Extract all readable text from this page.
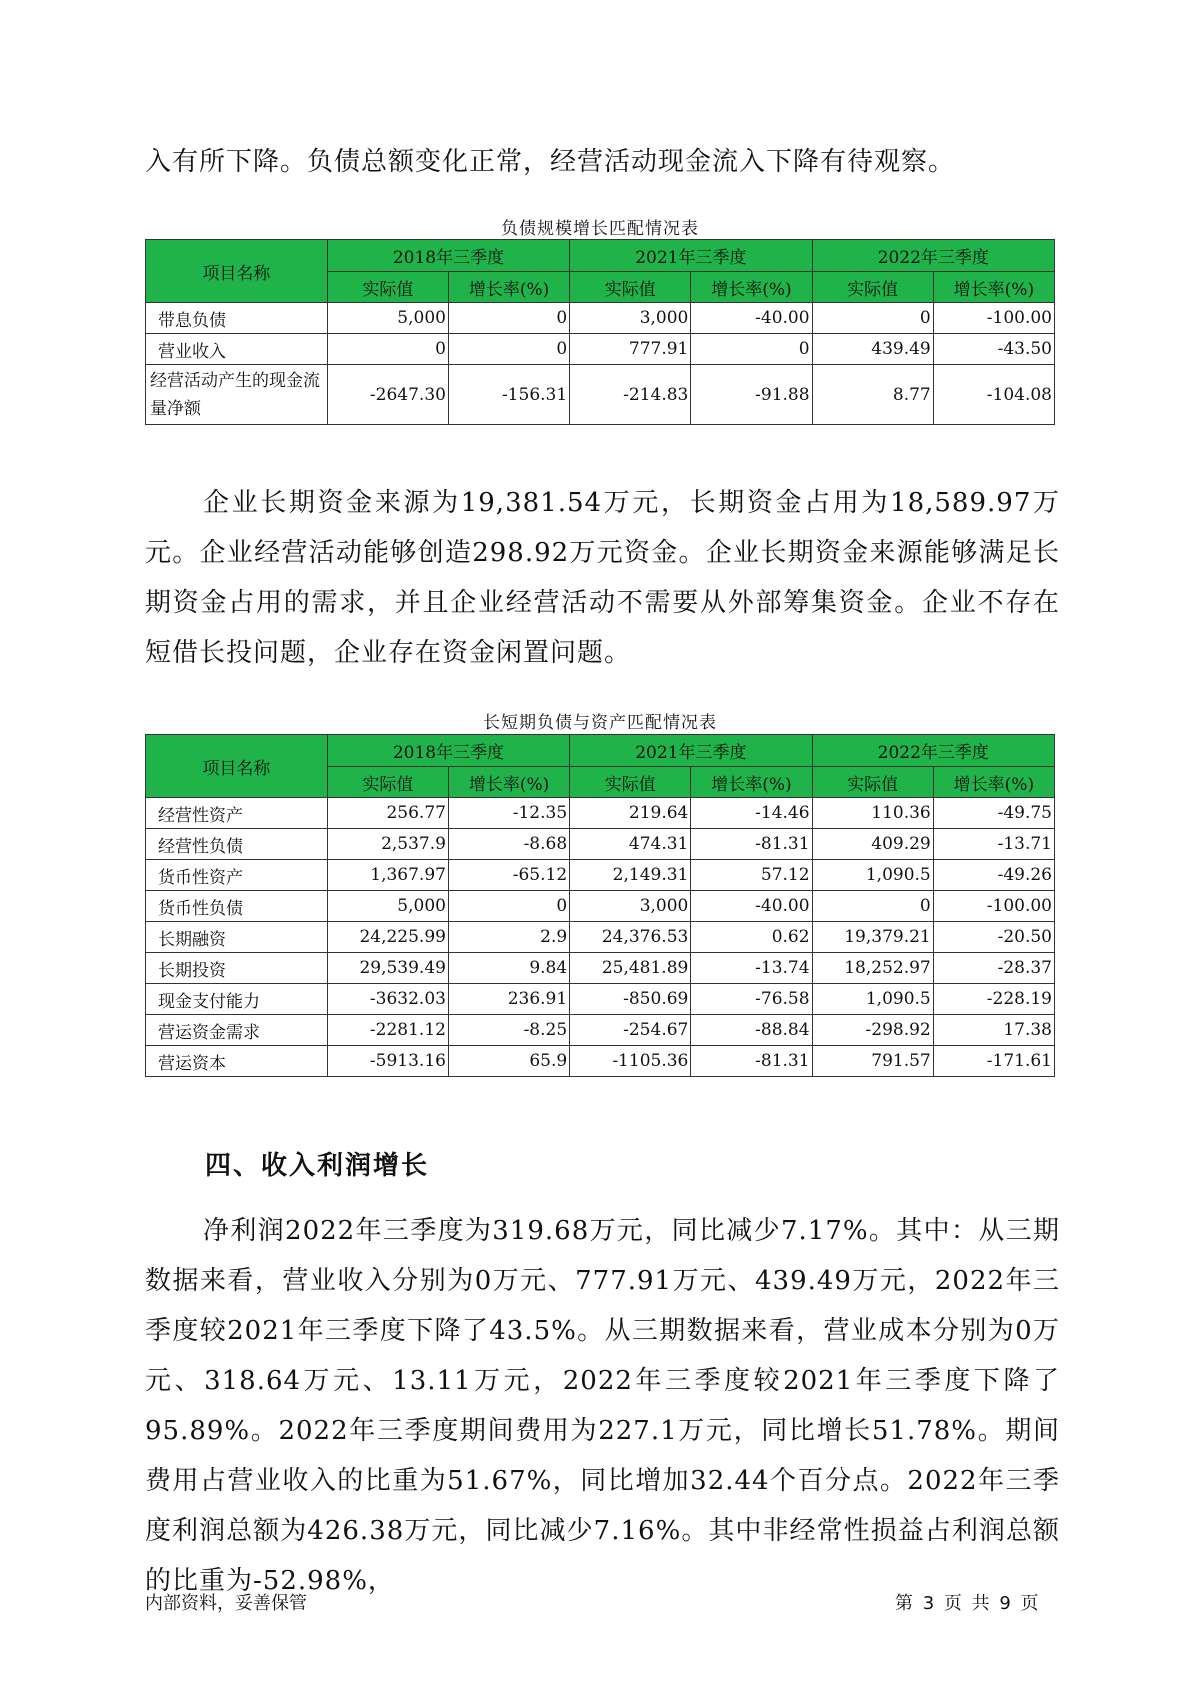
入有所下降。负债总额变化正常，经营活动现金流入下降有待观察。

负债规模增长匹配情况表
项目名称	2018年三季度		2021年三季度		2022年三季度	
	实际值	增长率(%)	实际值	增长率(%)	实际值	增长率(%)
带息负债	5,000	0	3,000	-40.00	0	-100.00
营业收入	0	0	777.91	0	439.49	-43.50
经营活动产生的现金流量净额	-2647.30	-156.31	-214.83	-91.88	8.77	-104.08

企业长期资金来源为19,381.54万元，长期资金占用为18,589.97万元。企业经营活动能够创造298.92万元资金。企业长期资金来源能够满足长期资金占用的需求，并且企业经营活动不需要从外部筹集资金。企业不存在短借长投问题，企业存在资金闲置问题。

长短期负债与资产匹配情况表
项目名称	2018年三季度		2021年三季度		2022年三季度	
	实际值	增长率(%)	实际值	增长率(%)	实际值	增长率(%)
经营性资产	256.77	-12.35	219.64	-14.46	110.36	-49.75
经营性负债	2,537.9	-8.68	474.31	-81.31	409.29	-13.71
货币性资产	1,367.97	-65.12	2,149.31	57.12	1,090.5	-49.26
货币性负债	5,000	0	3,000	-40.00	0	-100.00
长期融资	24,225.99	2.9	24,376.53	0.62	19,379.21	-20.50
长期投资	29,539.49	9.84	25,481.89	-13.74	18,252.97	-28.37
现金支付能力	-3632.03	236.91	-850.69	-76.58	1,090.5	-228.19
营运资金需求	-2281.12	-8.25	-254.67	-88.84	-298.92	17.38
营运资本	-5913.16	65.9	-1105.36	-81.31	791.57	-171.61
四、收入利润增长

净利润2022年三季度为319.68万元，同比减少7.17%。其中：从三期数据来看，营业收入分别为0万元、777.91万元、439.49万元，2022年三季度较2021年三季度下降了43.5%。从三期数据来看，营业成本分别为0万元、318.64万元、13.11万元，2022年三季度较2021年三季度下降了95.89%。2022年三季度期间费用为227.1万元，同比增长51.78%。期间费用占营业收入的比重为51.67%，同比增加32.44个百分点。2022年三季度利润总额为426.38万元，同比减少7.16%。其中非经常性损益占利润总额的比重为-52.98%，

内部资料，妥善保管	第 3 页 共 9 页
